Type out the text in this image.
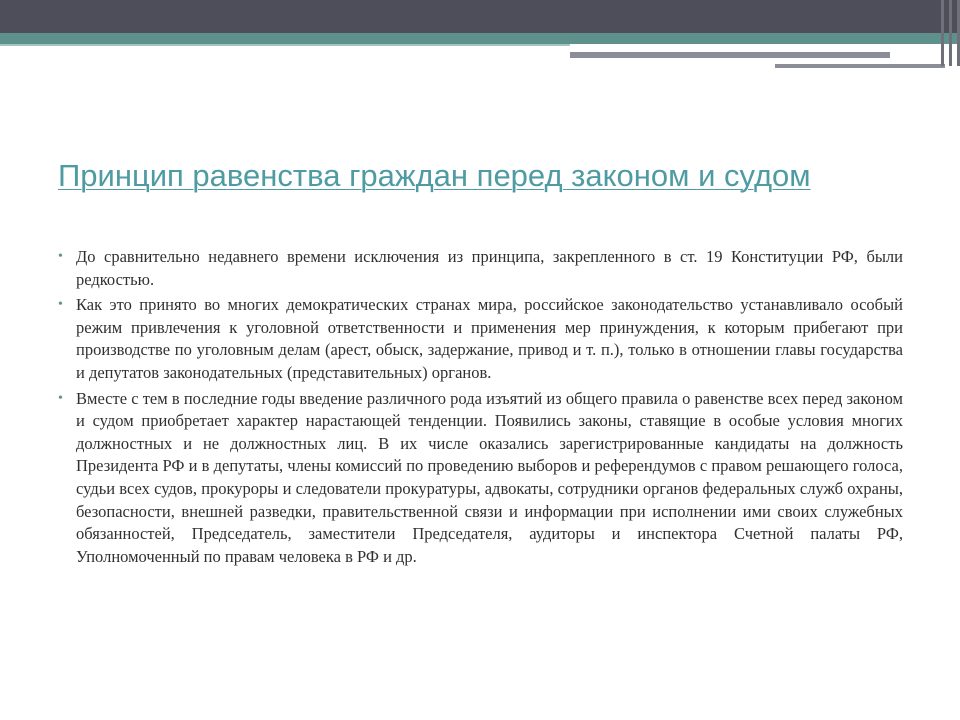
Принцип равенства граждан перед законом и судом
• До сравнительно недавнего времени исключения из принципа, закрепленного в ст. 19 Конституции РФ, были редкостью.
• Как это принято во многих демократических странах мира, российское законодательство устанавливало особый режим привлечения к уголовной ответственности и применения мер принуждения, к которым прибегают при производстве по уголовным делам (арест, обыск, задержание, привод и т. п.), только в отношении главы государства и депутатов законодательных (представительных) органов.
• Вместе с тем в последние годы введение различного рода изъятий из общего правила о равенстве всех перед законом и судом приобретает характер нарастающей тенденции. Появились законы, ставящие в особые условия многих должностных и не должностных лиц. В их числе оказались зарегистрированные кандидаты на должность Президента РФ и в депутаты, члены комиссий по проведению выборов и референдумов с правом решающего голоса, судьи всех судов, прокуроры и следователи прокуратуры, адвокаты, сотрудники органов федеральных служб охраны, безопасности, внешней разведки, правительственной связи и информации при исполнении ими своих служебных обязанностей, Председатель, заместители Председателя, аудиторы и инспектора Счетной палаты РФ, Уполномоченный по правам человека в РФ и др.
